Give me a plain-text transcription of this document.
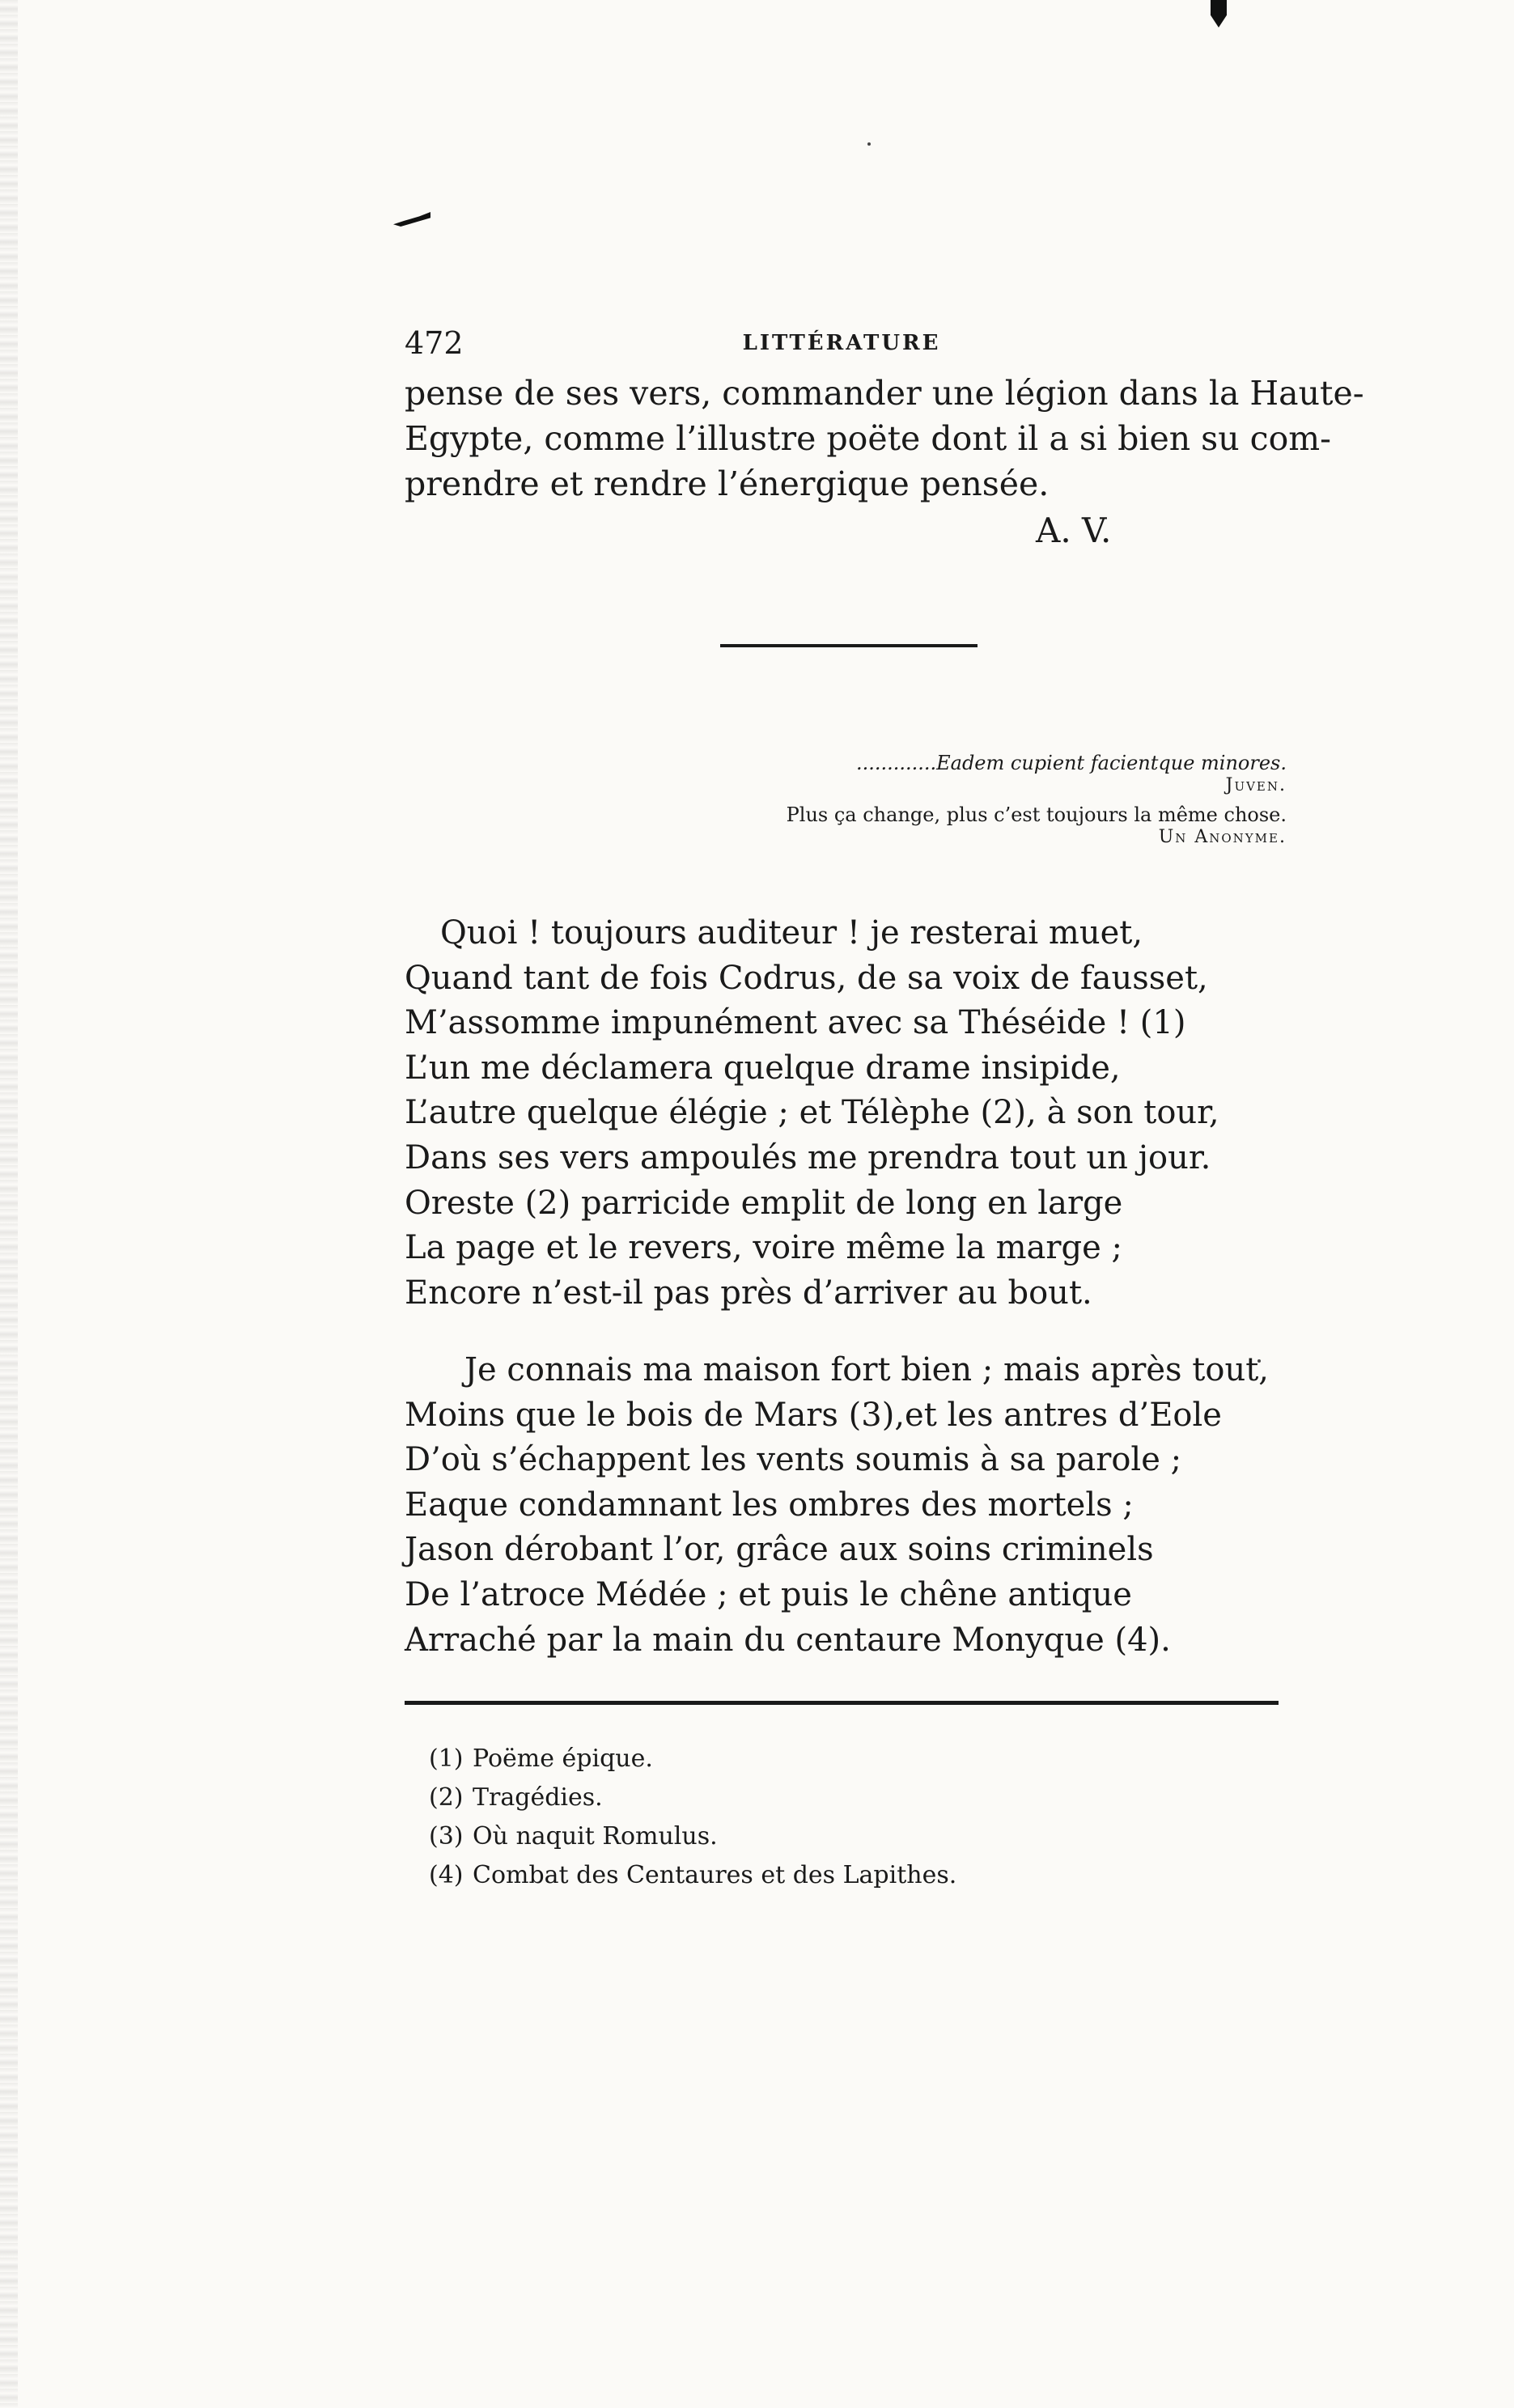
472	LITTÉRATURE
pense de ses vers, commander une légion dans la Haute-
Egypte, comme l’illustre poëte dont il a si bien su com-
prendre et rendre l’énergique pensée.
A. V.
.............Eadem cupient facientque minores.
Juven.
Plus ça change, plus c’est toujours la même chose.
Un Anonyme.
Quoi ! toujours auditeur ! je resterai muet,
Quand tant de fois Codrus, de sa voix de fausset,
M’assomme impunément avec sa Théséide ! (1)
L’un me déclamera quelque drame insipide,
L’autre quelque élégie ; et Télèphe (2), à son tour,
Dans ses vers ampoulés me prendra tout un jour.
Oreste (2) parricide emplit de long en large
La page et le revers, voire même la marge ;
Encore n’est-il pas près d’arriver au bout.
Je connais ma maison fort bien ; mais après tout,
Moins que le bois de Mars (3),et les antres d’Eole
D’où s’échappent les vents soumis à sa parole ;
Eaque condamnant les ombres des mortels ;
Jason dérobant l’or, grâce aux soins criminels
De l’atroce Médée ; et puis le chêne antique
Arraché par la main du centaure Monyque (4).
(1) Poëme épique.
(2) Tragédies.
(3) Où naquit Romulus.
(4) Combat des Centaures et des Lapithes.
